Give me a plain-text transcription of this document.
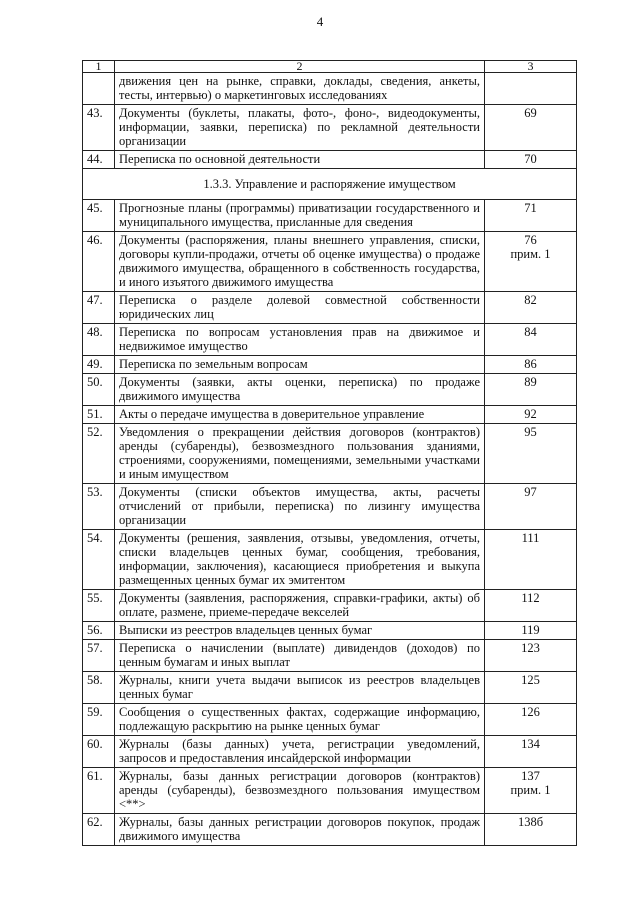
4
1	2	3
	движения цен на рынке, справки, доклады, сведения, анкеты, тесты, интервью) о маркетинговых исследованиях	

43.	Документы (буклеты, плакаты, фото-, фоно-, видеодокументы, информации, заявки, переписка) по рекламной деятельности организации	69

44.	Переписка по основной деятельности	70

1.3.3. Управление и распоряжение имуществом		
45.	Прогнозные планы (программы) приватизации государственного и муниципального имущества, присланные для сведения	71

46.	Документы (распоряжения, планы внешнего управления, списки, договоры купли-продажи, отчеты об оценке имущества) о продаже движимого имущества, обращенного в собственность государства, и иного изъятого движимого имущества	76
прим. 1

47.	Переписка о разделе долевой совместной собственности юридических лиц	82

48.	Переписка по вопросам установления прав на движимое и недвижимое имущество	84

49.	Переписка по земельным вопросам	86

50.	Документы (заявки, акты оценки, переписка) по продаже движимого имущества	89

51.	Акты о передаче имущества в доверительное управление	92

52.	Уведомления о прекращении действия договоров (контрактов) аренды (субаренды), безвозмездного пользования зданиями, строениями, сооружениями, помещениями, земельными участками и иным имуществом	95

53.	Документы (списки объектов имущества, акты, расчеты отчислений от прибыли, переписка) по лизингу имущества организации	97

54.	Документы (решения, заявления, отзывы, уведомления, отчеты, списки владельцев ценных бумаг, сообщения, требования, информации, заключения), касающиеся приобретения и выкупа размещенных ценных бумаг их эмитентом	111

55.	Документы (заявления, распоряжения, справки-графики, акты) об оплате, размене, приеме-передаче векселей	112

56.	Выписки из реестров владельцев ценных бумаг	119

57.	Переписка о начислении (выплате) дивидендов (доходов) по ценным бумагам и иных выплат	123

58.	Журналы, книги учета выдачи выписок из реестров владельцев ценных бумаг	125

59.	Сообщения о существенных фактах, содержащие информацию, подлежащую раскрытию на рынке ценных бумаг	126

60.	Журналы (базы данных) учета, регистрации уведомлений, запросов и предоставления инсайдерской информации	134

61.	Журналы, базы данных регистрации договоров (контрактов) аренды (субаренды), безвозмездного пользования имуществом <**>	137
прим. 1

62.	Журналы, базы данных регистрации договоров покупок, продаж движимого имущества	138б
